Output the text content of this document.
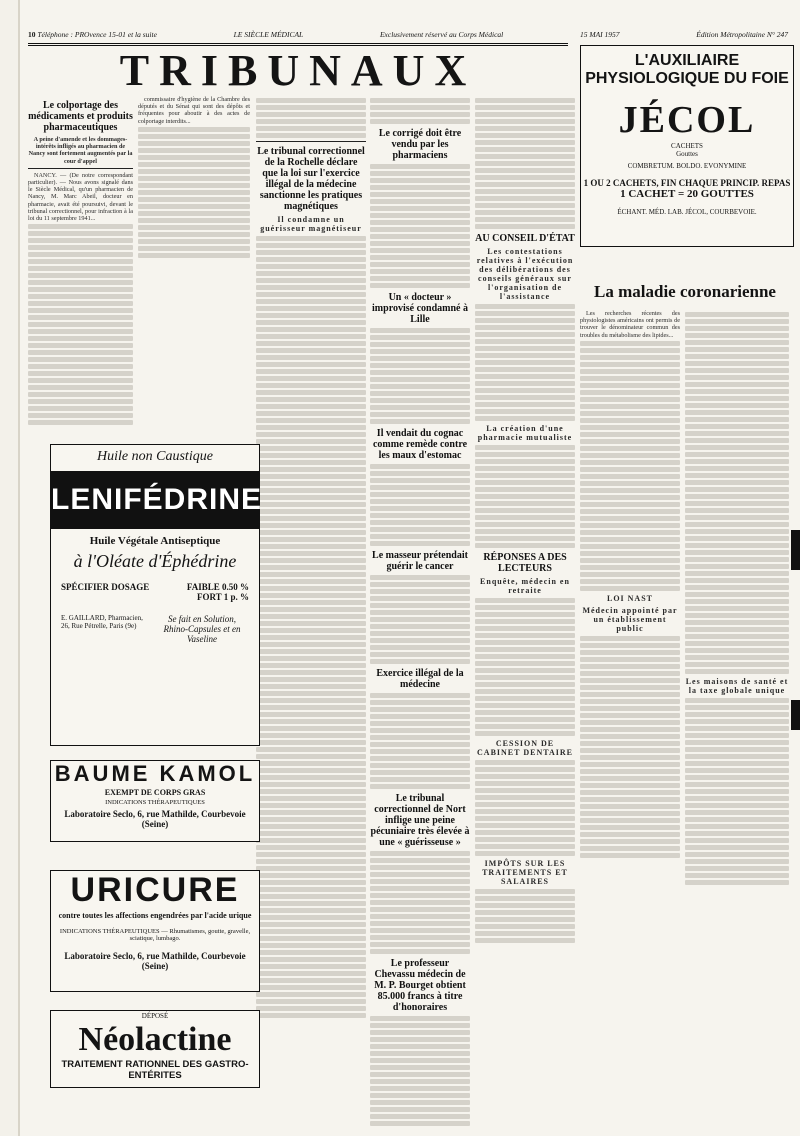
10 Téléphone : PROvence 15-01 et la suite	LE SIÈCLE MÉDICAL	Exclusivement réservé au Corps Médical	15 MAI 1957	Édition Métropolitaine N° 247
TRIBUNAUX
Le colportage des médicaments et produits pharmaceutiques

A peine d'amende et les dommages-intérêts infligés au pharmacien de Nancy sont fortement augmentés par la cour d'appel

NANCY. — (De notre correspondant particulier). — Nous avons signalé dans le Siècle Médical, qu'un pharmacien de Nancy, M. Marc Abeil, docteur en pharmacie, avait été poursuivi, devant le tribunal correctionnel, pour infraction à la loi du 11 septembre 1941...

commissaire d'hygiène de la Chambre des députés et du Sénat qui sont des dépôts et fréquentes pour aboutir à des actes de colportage interdits...

Le tribunal correctionnel de la Rochelle déclare que la loi sur l'exercice illégal de la médecine sanctionne les pratiques magnétiques
Il condamne un guérisseur magnétiseur
Le corrigé doit être vendu par les pharmaciens
Un « docteur » improvisé condamné à Lille
Il vendait du cognac comme remède contre les maux d'estomac
Le masseur prétendait guérir le cancer
Exercice illégal de la médecine
Le tribunal correctionnel de Nort inflige une peine pécuniaire très élevée à une « guérisseuse »
Le professeur Chevassu médecin de M. P. Bourget obtient 85.000 francs à titre d'honoraires
AU CONSEIL D'ÉTAT
Les contestations relatives à l'exécution des délibérations des conseils généraux sur l'organisation de l'assistance
La création d'une pharmacie mutualiste
RÉPONSES A DES LECTEURS
Enquête, médecin en retraite
CESSION DE CABINET DENTAIRE
IMPÔTS SUR LES TRAITEMENTS ET SALAIRES
L'AUXILIAIRE PHYSIOLOGIQUE DU FOIE
JÉCOL
CACHETS
Gouttes
COMBRETUM. BOLDO. EVONYMINE
1 OU 2 CACHETS, FIN CHAQUE PRINCIP. REPAS
1 CACHET = 20 GOUTTES
ÉCHANT. MÉD. LAB. JÉCOL, COURBEVOIE.
La maladie coronarienne

Les recherches récentes des physiologistes américains ont permis de trouver le dénominateur commun des troubles du métabolisme des lipides...

LOI NAST
Médecin appointé par un établissement public
Les maisons de santé et la taxe globale unique
Huile non Caustique
LENIFÉDRINE
Huile Végétale Antiseptique
à l'Oléate d'Éphédrine
SPÉCIFIER DOSAGE	FAIBLE 0.50 %
FORT 1 p. %
E. GAILLARD, Pharmacien, 26, Rue Pétrelle, Paris (9e)
Se fait en Solution, Rhino-Capsules et en Vaseline
BAUME KAMOL
EXEMPT DE CORPS GRAS
INDICATIONS THÉRAPEUTIQUES
Laboratoire Seclo, 6, rue Mathilde, Courbevoie (Seine)
URICURE
contre toutes les affections engendrées par l'acide urique
INDICATIONS THÉRAPEUTIQUES — Rhumatismes, goutte, gravelle, sciatique, lumbago.
Laboratoire Seclo, 6, rue Mathilde, Courbevoie (Seine)
DÉPOSÉ
Néolactine
TRAITEMENT RATIONNEL DES GASTRO-ENTÉRITES
